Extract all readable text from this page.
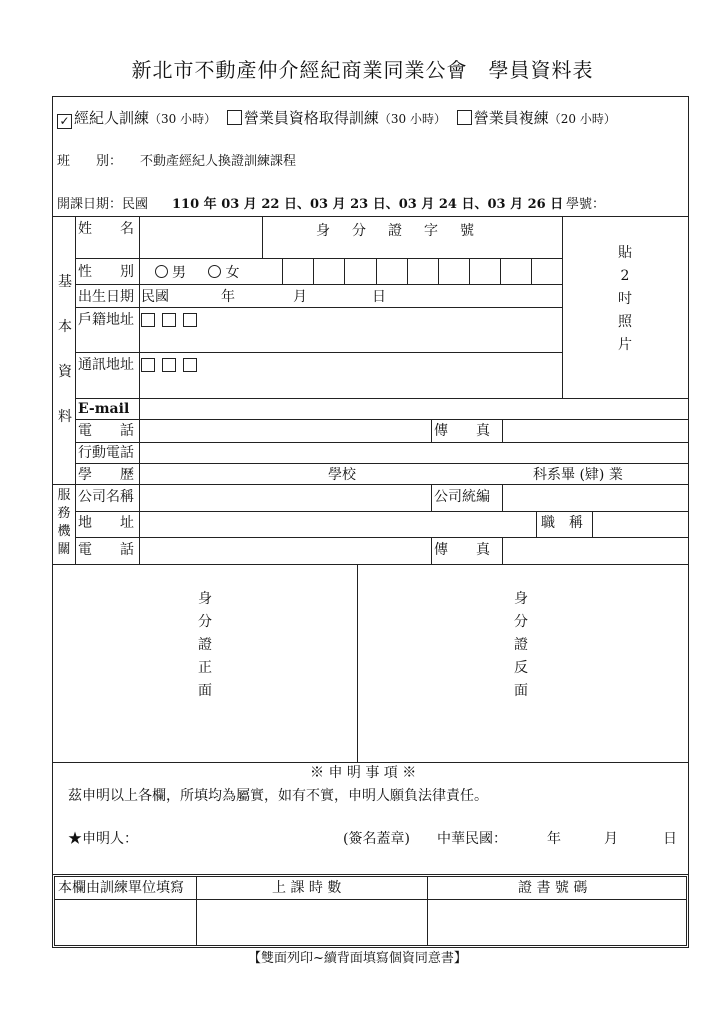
新北市不動產仲介經紀商業同業公會　學員資料表
✓ 經紀人訓練（30 小時） 營業員資格取得訓練（30 小時） 營業員複練（20 小時）
班　　別： 不動產經紀人換證訓練課程
開課日期：民國 110 年 03 月 22 日、03 月 23 日、03 月 24 日、03 月 26 日 學號：
基本資料
服務機關
姓　　名	身　分　證　字　號
性　　別	男	女
出生日期 民國	年	月	日
戶籍地址
通訊地址
E-mail
電　　話	傳　　真
行動電話
學　　歷	學校	科系畢 (肄) 業
貼2吋照片
公司名稱	公司統編
地　　址	職　稱
電　　話	傳　　真
身分證正面
身分證反面
※ 申 明 事 項 ※
茲申明以上各欄，所填均為屬實，如有不實，申明人願負法律責任。
★申明人：	(簽名蓋章) 中華民國：	年	月	日
本欄由訓練單位填寫	上 課 時 數	證 書 號 碼
【雙面列印~續背面填寫個資同意書】
